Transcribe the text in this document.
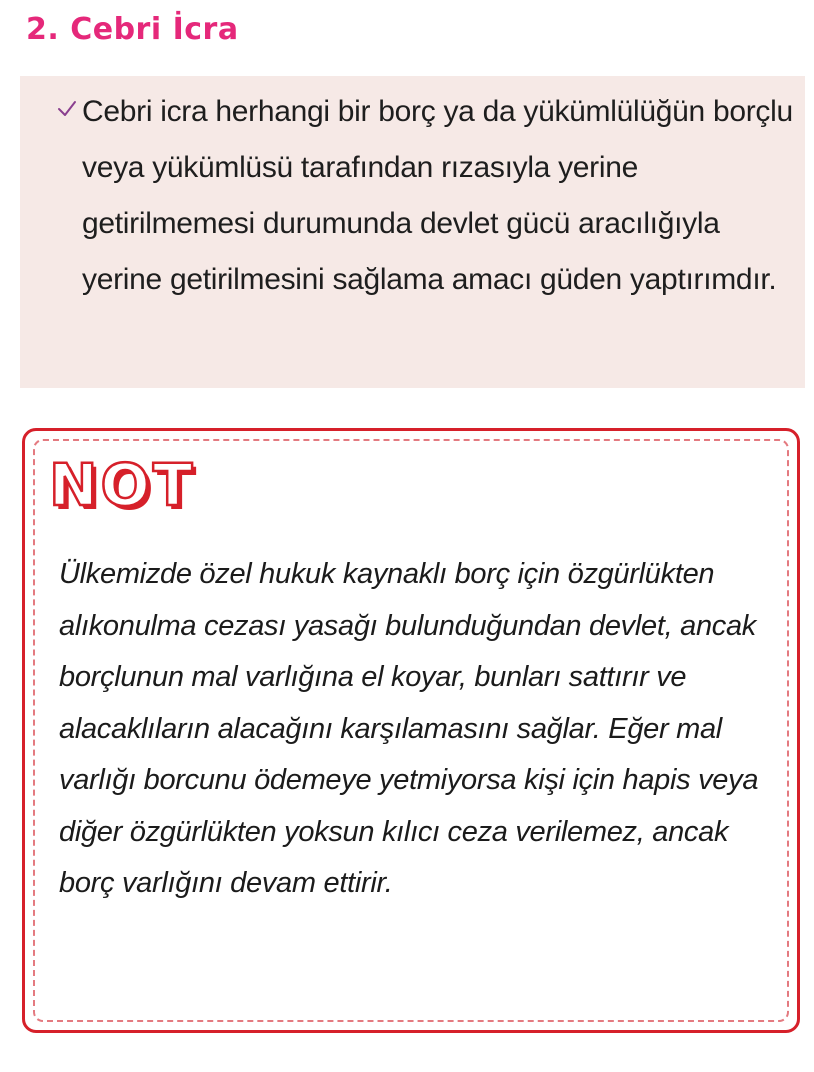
2. Cebri İcra

Cebri icra herhangi bir borç ya da yükümlülüğün borçlu veya yükümlüsü tarafından rızasıyla yerine getirilmemesi durumunda devlet gücü aracılığıyla yerine getirilmesini sağlama amacı güden yaptırımdır.

NOT

Ülkemizde özel hukuk kaynaklı borç için özgürlükten alıkonulma cezası yasağı bulunduğundan devlet, ancak borçlunun mal varlığına el koyar, bunları sattırır ve alacaklıların alacağını karşılamasını sağlar. Eğer mal varlığı borcunu ödemeye yetmiyorsa kişi için hapis veya diğer özgürlükten yoksun kılıcı ceza verilemez, ancak borç varlığını devam ettirir.
